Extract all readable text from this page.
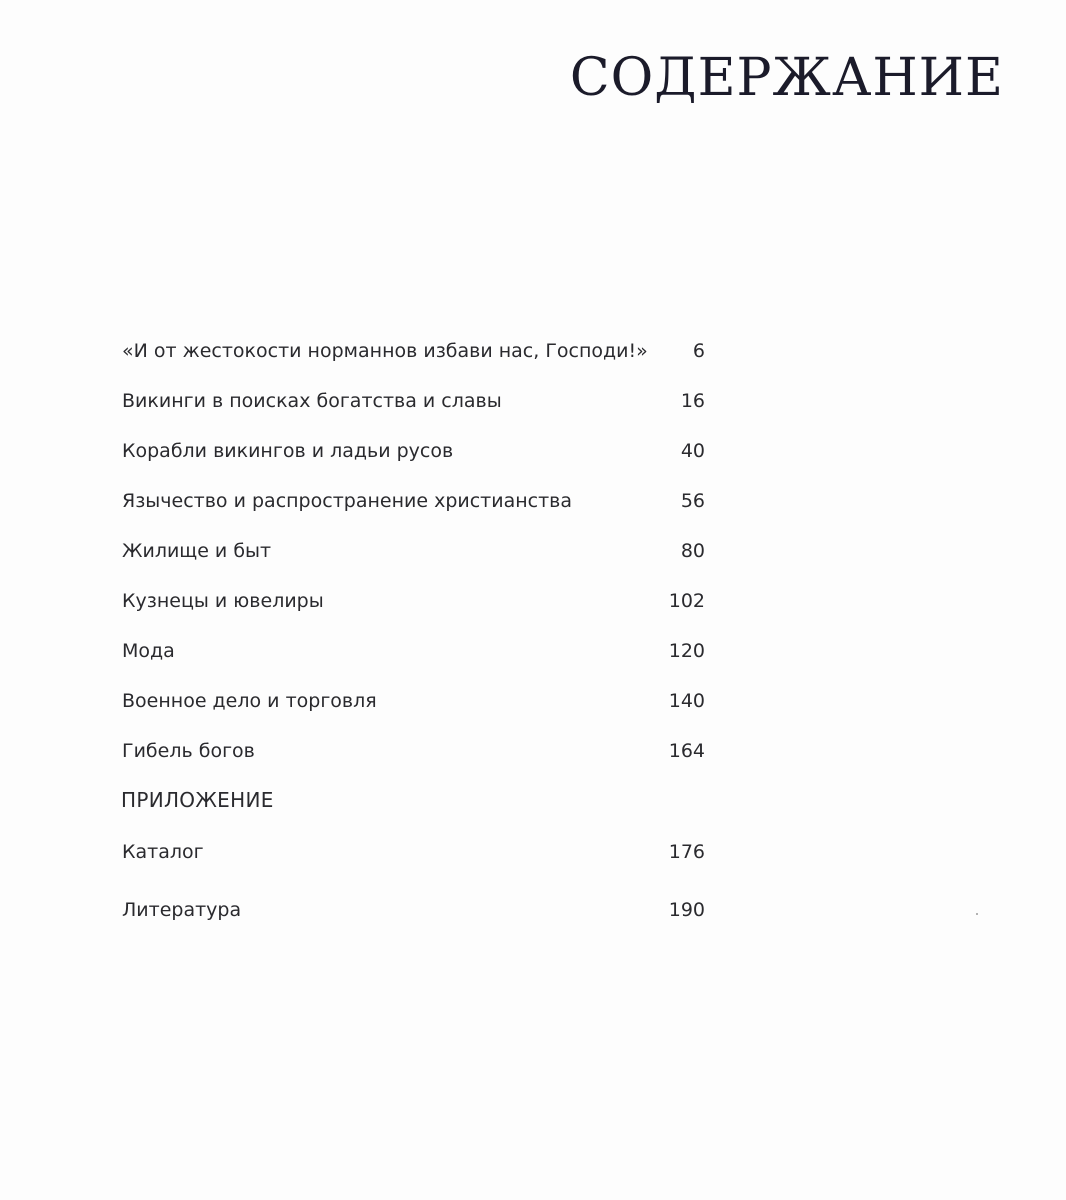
СОДЕРЖАНИЕ
«И от жестокости норманнов избави нас, Господи!» 6
Викинги в поисках богатства и славы	16
Корабли викингов и ладьи русов	40
Язычество и распространение христианства	56
Жилище и быт	80
Кузнецы и ювелиры	102
Мода	120
Военное дело и торговля	140
Гибель богов	164
ПРИЛОЖЕНИЕ
Каталог	176
Литература	190
